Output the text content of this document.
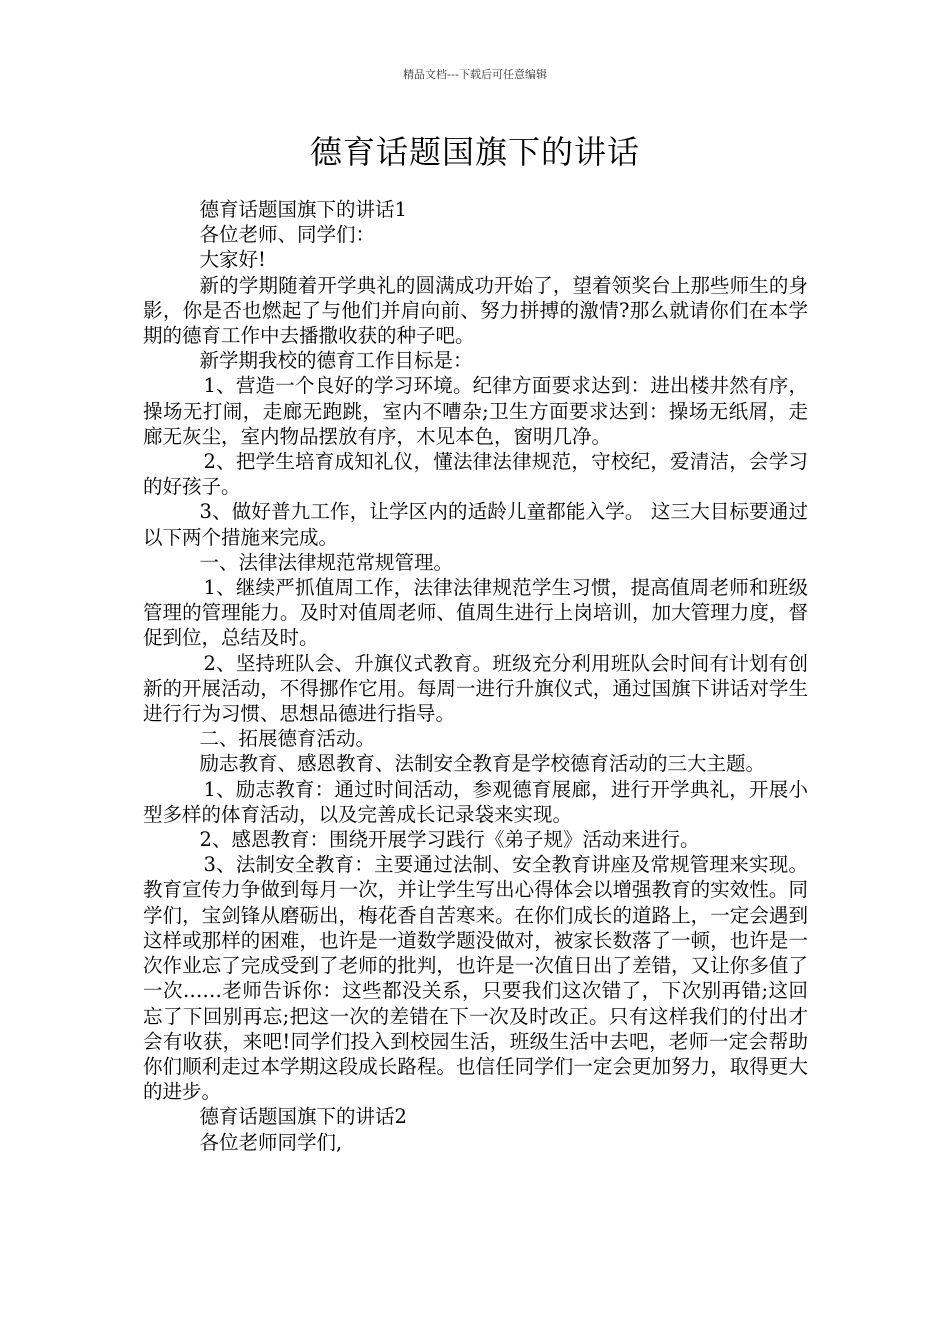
精品文档---下载后可任意编辑
德育话题国旗下的讲话

德育话题国旗下的讲话1

各位老师、同学们：

大家好!

新的学期随着开学典礼的圆满成功开始了，望着领奖台上那些师生的身影，你是否也燃起了与他们并肩向前、努力拼搏的激情?那么就请你们在本学期的德育工作中去播撒收获的种子吧。

新学期我校的德育工作目标是：

1、营造一个良好的学习环境。纪律方面要求达到：进出楼井然有序，操场无打闹，走廊无跑跳，室内不嘈杂;卫生方面要求达到：操场无纸屑，走廊无灰尘，室内物品摆放有序，木见本色，窗明几净。

2、把学生培育成知礼仪，懂法律法律规范，守校纪，爱清洁，会学习的好孩子。

3、做好普九工作，让学区内的适龄儿童都能入学。 这三大目标要通过以下两个措施来完成。

一、法律法律规范常规管理。

1、继续严抓值周工作，法律法律规范学生习惯，提高值周老师和班级管理的管理能力。及时对值周老师、值周生进行上岗培训，加大管理力度，督促到位，总结及时。

2、坚持班队会、升旗仪式教育。班级充分利用班队会时间有计划有创新的开展活动，不得挪作它用。每周一进行升旗仪式，通过国旗下讲话对学生进行行为习惯、思想品德进行指导。

二、拓展德育活动。

励志教育、感恩教育、法制安全教育是学校德育活动的三大主题。

1、励志教育：通过时间活动，参观德育展廊，进行开学典礼，开展小型多样的体育活动，以及完善成长记录袋来实现。

2、感恩教育：围绕开展学习践行《弟子规》活动来进行。

3、法制安全教育：主要通过法制、安全教育讲座及常规管理来实现。教育宣传力争做到每月一次，并让学生写出心得体会以增强教育的实效性。同学们，宝剑锋从磨砺出，梅花香自苦寒来。在你们成长的道路上，一定会遇到这样或那样的困难，也许是一道数学题没做对，被家长数落了一顿，也许是一次作业忘了完成受到了老师的批判，也许是一次值日出了差错，又让你多值了一次……老师告诉你：这些都没关系，只要我们这次错了，下次别再错;这回忘了下回别再忘;把这一次的差错在下一次及时改正。只有这样我们的付出才会有收获，来吧!同学们投入到校园生活，班级生活中去吧，老师一定会帮助你们顺利走过本学期这段成长路程。也信任同学们一定会更加努力，取得更大的进步。

德育话题国旗下的讲话2

各位老师同学们,
